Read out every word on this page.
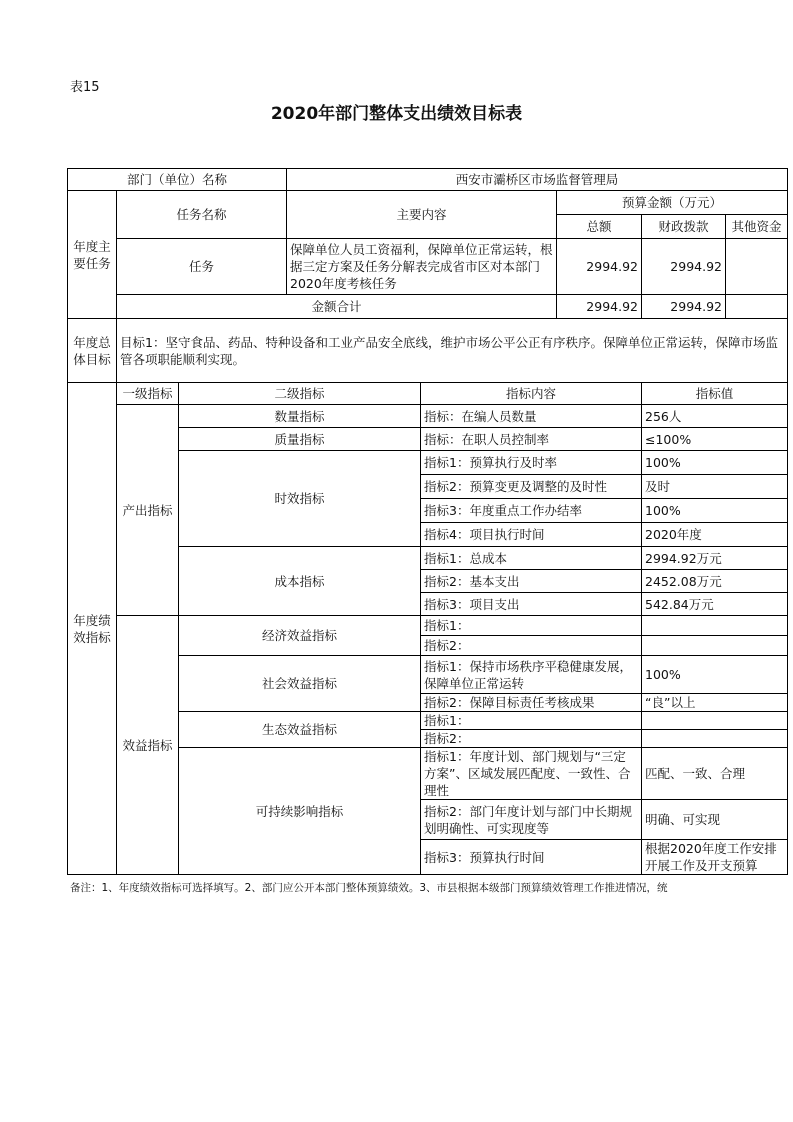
表15
2020年部门整体支出绩效目标表
部门（单位）名称			西安市灞桥区市场监督管理局				
年度主要任务	任务名称		主要内容		预算金额（万元）		
					总额	财政拨款	其他资金
	任务		保障单位人员工资福利，保障单位正常运转，根据三定方案及任务分解表完成省市区对本部门2020年度考核任务		2994.92	2994.92	
	金额合计				2994.92	2994.92	
年度总体目标	目标1：坚守食品、药品、特种设备和工业产品安全底线，维护市场公平公正有序秩序。保障单位正常运转，保障市场监管各项职能顺利实现。						
年度绩效指标	一级指标	二级指标		指标内容		指标值	
	产出指标	数量指标		指标：在编人员数量		256人	
		质量指标		指标：在职人员控制率		≤100%	
		时效指标		指标1：预算执行及时率		100%	
				指标2：预算变更及调整的及时性		及时	
				指标3：年度重点工作办结率		100%	
				指标4：项目执行时间		2020年度	
		成本指标		指标1：总成本		2994.92万元	
				指标2：基本支出		2452.08万元	
				指标3：项目支出		542.84万元	
	效益指标	经济效益指标		指标1：			
				指标2：			
		社会效益指标		指标1：保持市场秩序平稳健康发展，保障单位正常运转		100%	
				指标2：保障目标责任考核成果		“良”以上	
		生态效益指标		指标1：			
				指标2：			
		可持续影响指标		指标1：年度计划、部门规划与“三定方案”、区域发展匹配度、一致性、合理性		匹配、一致、合理	
				指标2：部门年度计划与部门中长期规划明确性、可实现度等		明确、可实现	
				指标3：预算执行时间		根据2020年度工作安排开展工作及开支预算	
备注：1、年度绩效指标可选择填写。2、部门应公开本部门整体预算绩效。3、市县根据本级部门预算绩效管理工作推进情况，统
